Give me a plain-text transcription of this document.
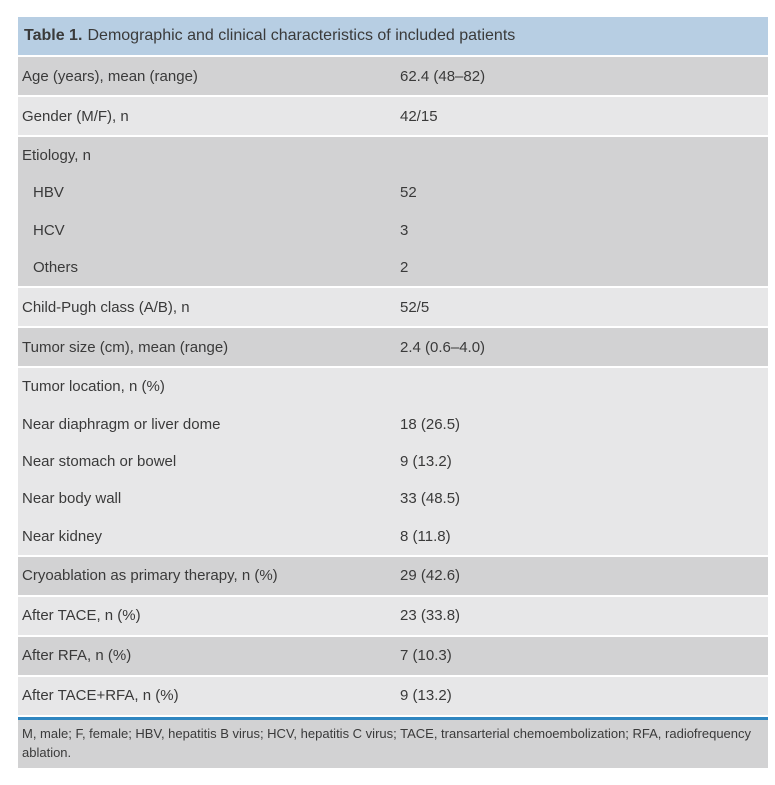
Table 1. Demographic and clinical characteristics of included patients
Age (years), mean (range)	62.4 (48–82)
Gender (M/F), n	42/15
Etiology, n
HBV	52
HCV	3
Others	2
Child-Pugh class (A/B), n	52/5
Tumor size (cm), mean (range)	2.4 (0.6–4.0)
Tumor location, n (%)
Near diaphragm or liver dome	18 (26.5)
Near stomach or bowel	9 (13.2)
Near body wall	33 (48.5)
Near kidney	8 (11.8)
Cryoablation as primary therapy, n (%)	29 (42.6)
After TACE, n (%)	23 (33.8)
After RFA, n (%)	7 (10.3)
After TACE+RFA, n (%)	9 (13.2)
M, male; F, female; HBV, hepatitis B virus; HCV, hepatitis C virus; TACE, transarterial chemoembolization; RFA, radiofrequency ablation.
